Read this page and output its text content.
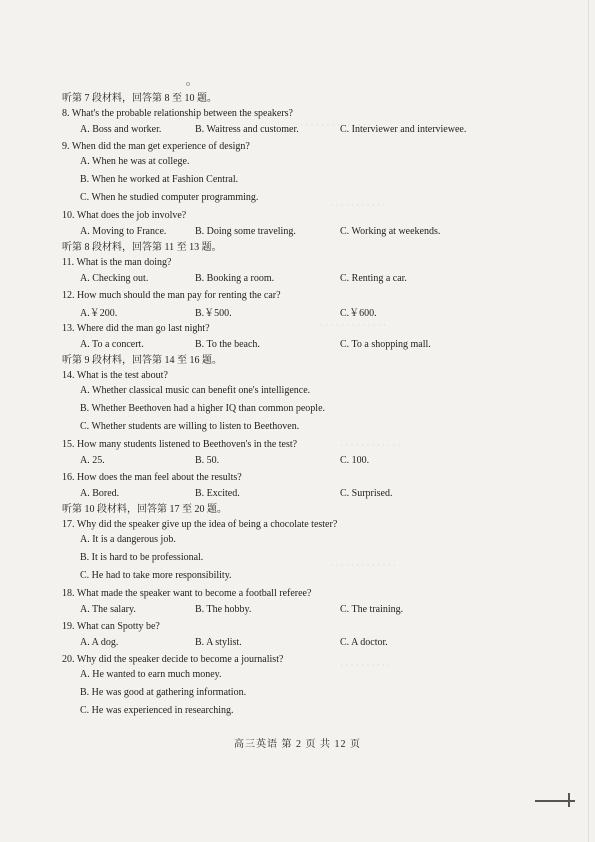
o
· · · · · · · · · · · · · ·
· · · · · · · · · · ·
· · · · · · · · · · · · ·
· · · · · · · · · · · ·
· · · · · · · · · · · · ·
· · · · · · · · · ·
听第 7 段材料，回答第 8 至 10 题。
8. What's the probable relationship between the speakers?
A. Boss and worker.	B. Waitress and customer.	C. Interviewer and interviewee.
9. When did the man get experience of design?
A. When he was at college.
B. When he worked at Fashion Central.
C. When he studied computer programming.
10. What does the job involve?
A. Moving to France.	B. Doing some traveling.	C. Working at weekends.
听第 8 段材料，回答第 11 至 13 题。
11. What is the man doing?
A. Checking out.	B. Booking a room.	C. Renting a car.
12. How much should the man pay for renting the car?
A.￥200.	B.￥500.	C.￥600.
13. Where did the man go last night?
A. To a concert.	B. To the beach.	C. To a shopping mall.
听第 9 段材料，回答第 14 至 16 题。
14. What is the test about?
A. Whether classical music can benefit one's intelligence.
B. Whether Beethoven had a higher IQ than common people.
C. Whether students are willing to listen to Beethoven.
15. How many students listened to Beethoven's in the test?
A. 25.	B. 50.	C. 100.
16. How does the man feel about the results?
A. Bored.	B. Excited.	C. Surprised.
听第 10 段材料，回答第 17 至 20 题。
17. Why did the speaker give up the idea of being a chocolate tester?
A. It is a dangerous job.
B. It is hard to be professional.
C. He had to take more responsibility.
18. What made the speaker want to become a football referee?
A. The salary.	B. The hobby.	C. The training.
19. What can Spotty be?
A. A dog.	B. A stylist.	C. A doctor.
20. Why did the speaker decide to become a journalist?
A. He wanted to earn much money.
B. He was good at gathering information.
C. He was experienced in researching.
高三英语 第 2 页 共 12 页
